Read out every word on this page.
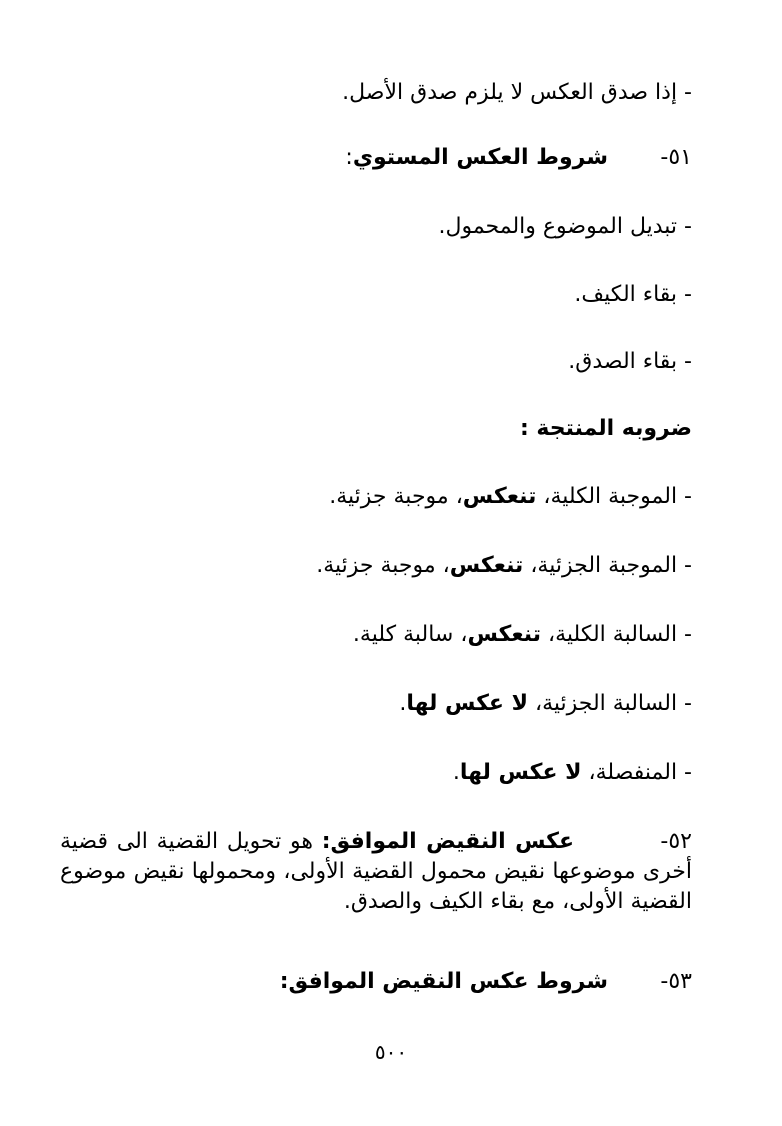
- إذا صدق العكس لا يلزم صدق الأصل.
٥١-شروط العكس المستوي:
- تبديل الموضوع والمحمول.
- بقاء الكيف.
- بقاء الصدق.
ضروبه المنتجة :
- الموجبة الكلية، تنعكس، موجبة جزئية.
- الموجبة الجزئية، تنعكس، موجبة جزئية.
- السالبة الكلية، تنعكس، سالبة كلية.
- السالبة الجزئية، لا عكس لها.
- المنفصلة، لا عكس لها.
٥٢-
عكس النقيض الموافق: هو تحويل القضية الى قضية أخرى موضوعها نقيض محمول القضية الأولى، ومحمولها نقيض موضوع القضية الأولى، مع بقاء الكيف والصدق.
٥٣-شروط عكس النقيض الموافق:
٥٠٠
